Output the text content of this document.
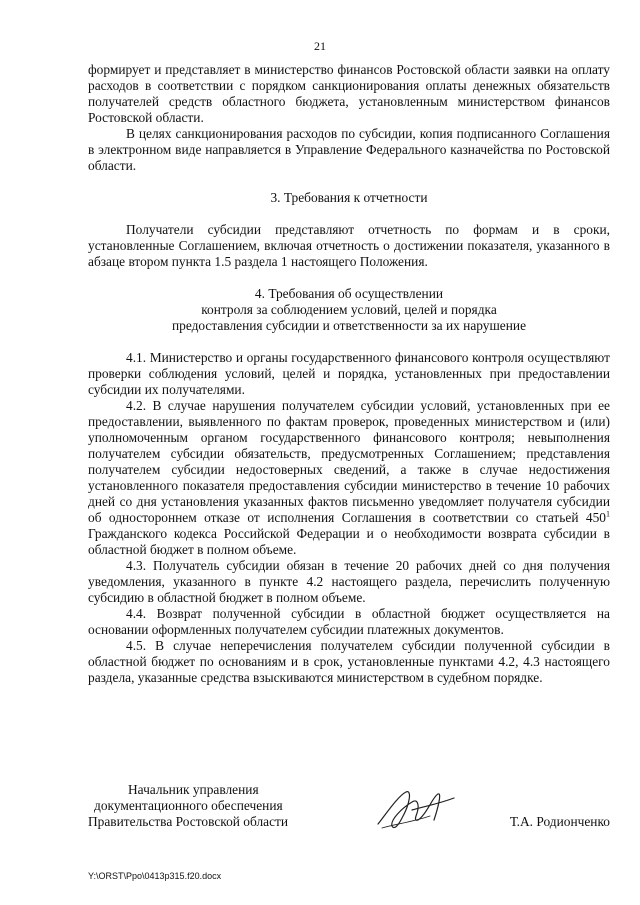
21

формирует и представляет в министерство финансов Ростовской области заявки на оплату расходов в соответствии с порядком санкционирования оплаты денежных обязательств получателей средств областного бюджета, установленным министерством финансов Ростовской области.

В целях санкционирования расходов по субсидии, копия подписанного Соглашения в электронном виде направляется в Управление Федерального казначейства по Ростовской области.

3. Требования к отчетности

Получатели субсидии представляют отчетность по формам и в сроки, установленные Соглашением, включая отчетность о достижении показателя, указанного в абзаце втором пункта 1.5 раздела 1 настоящего Положения.

4. Требования об осуществлении

контроля за соблюдением условий, целей и порядка

предоставления субсидии и ответственности за их нарушение

4.1. Министерство и органы государственного финансового контроля осуществляют проверки соблюдения условий, целей и порядка, установленных при предоставлении субсидии их получателями.

4.2. В случае нарушения получателем субсидии условий, установленных при ее предоставлении, выявленного по фактам проверок, проведенных министерством и (или) уполномоченным органом государственного финансового контроля; невыполнения получателем субсидии обязательств, предусмотренных Соглашением; представления получателем субсидии недостоверных сведений, а также в случае недостижения установленного показателя предоставления субсидии министерство в течение 10 рабочих дней со дня установления указанных фактов письменно уведомляет получателя субсидии об одностороннем отказе от исполнения Соглашения в соответствии со статьей $450^1$ Гражданского кодекса Российской Федерации и о необходимости возврата субсидии в областной бюджет в полном объеме.

4.3. Получатель субсидии обязан в течение 20 рабочих дней со дня получения уведомления, указанного в пункте 4.2 настоящего раздела, перечислить полученную субсидию в областной бюджет в полном объеме.

4.4. Возврат полученной субсидии в областной бюджет осуществляется на основании оформленных получателем субсидии платежных документов.

4.5. В случае неперечисления получателем субсидии полученной субсидии в областной бюджет по основаниям и в срок, установленные пунктами 4.2, 4.3 настоящего раздела, указанные средства взыскиваются министерством в судебном порядке.

Начальник управления
документационного обеспечения
Правительства Ростовской области	Т.А. Родионченко
Y:\ORST\Ppo\0413p315.f20.docx
